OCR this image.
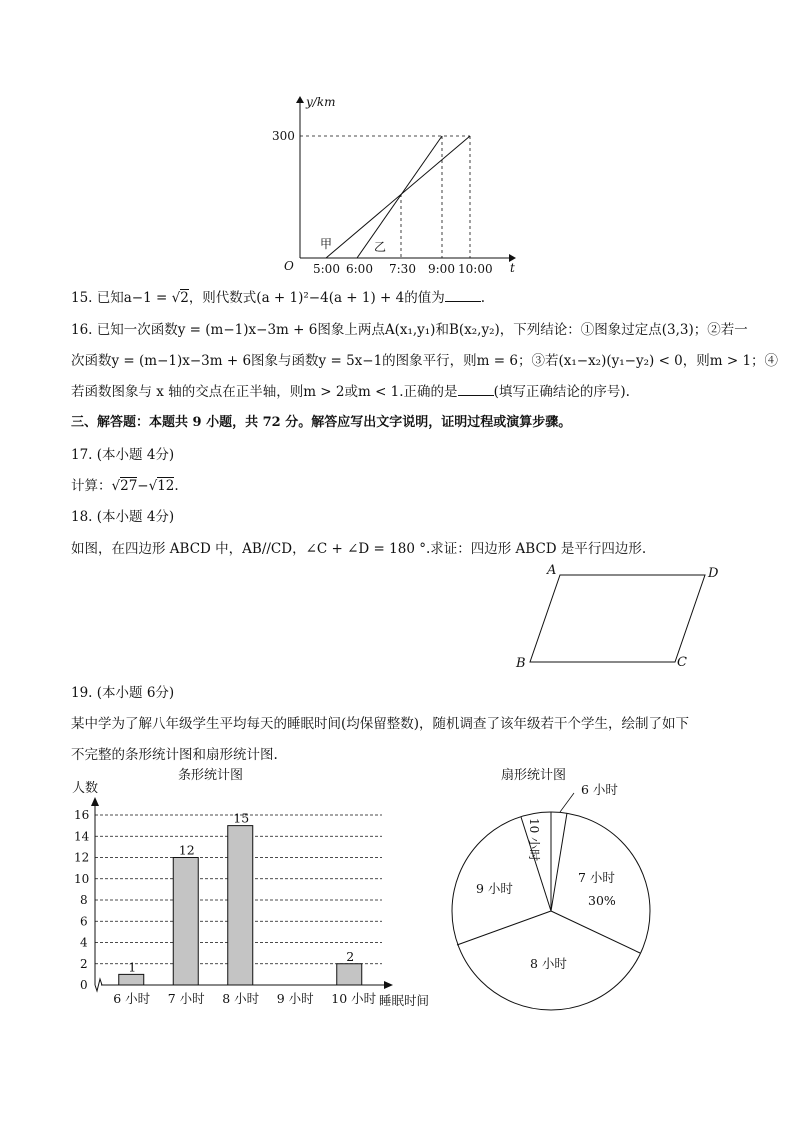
y/km
300
O	t
5:00 6:00 7:30 9:00 10:00
甲	乙
15. 已知a−1 = √2，则代数式(a + 1)²−4(a + 1) + 4的值为	.
16. 已知一次函数y = (m−1)x−3m + 6图象上两点A(x₁,y₁)和B(x₂,y₂)，下列结论：①图象过定点(3,3)；②若一
次函数y = (m−1)x−3m + 6图象与函数y = 5x−1的图象平行，则m = 6；③若(x₁−x₂)(y₁−y₂) < 0，则m > 1；④
若函数图象与 x 轴的交点在正半轴，则m > 2或m < 1.正确的是	(填写正确结论的序号).
三、解答题：本题共 9 小题，共 72 分。解答应写出文字说明，证明过程或演算步骤。
17. (本小题 4分)
计算：√27−√12.
18. (本小题 4分)
如图，在四边形 ABCD 中，AB//CD，∠C + ∠D = 180 °.求证：四边形 ABCD 是平行四边形.
A	D
B	C
19. (本小题 6分)
某中学为了解八年级学生平均每天的睡眠时间(均保留整数)，随机调查了该年级若干个学生，绘制了如下
不完整的条形统计图和扇形统计图.
条形统计图
人数
睡眠时间
0
2
4
6
8
10
12
14
16
6 小时
1
7 小时
12
8 小时
15
9 小时 10 小时
2
扇形统计图
6 小时
7 小时
30%
8 小时
9 小时
10 小时
